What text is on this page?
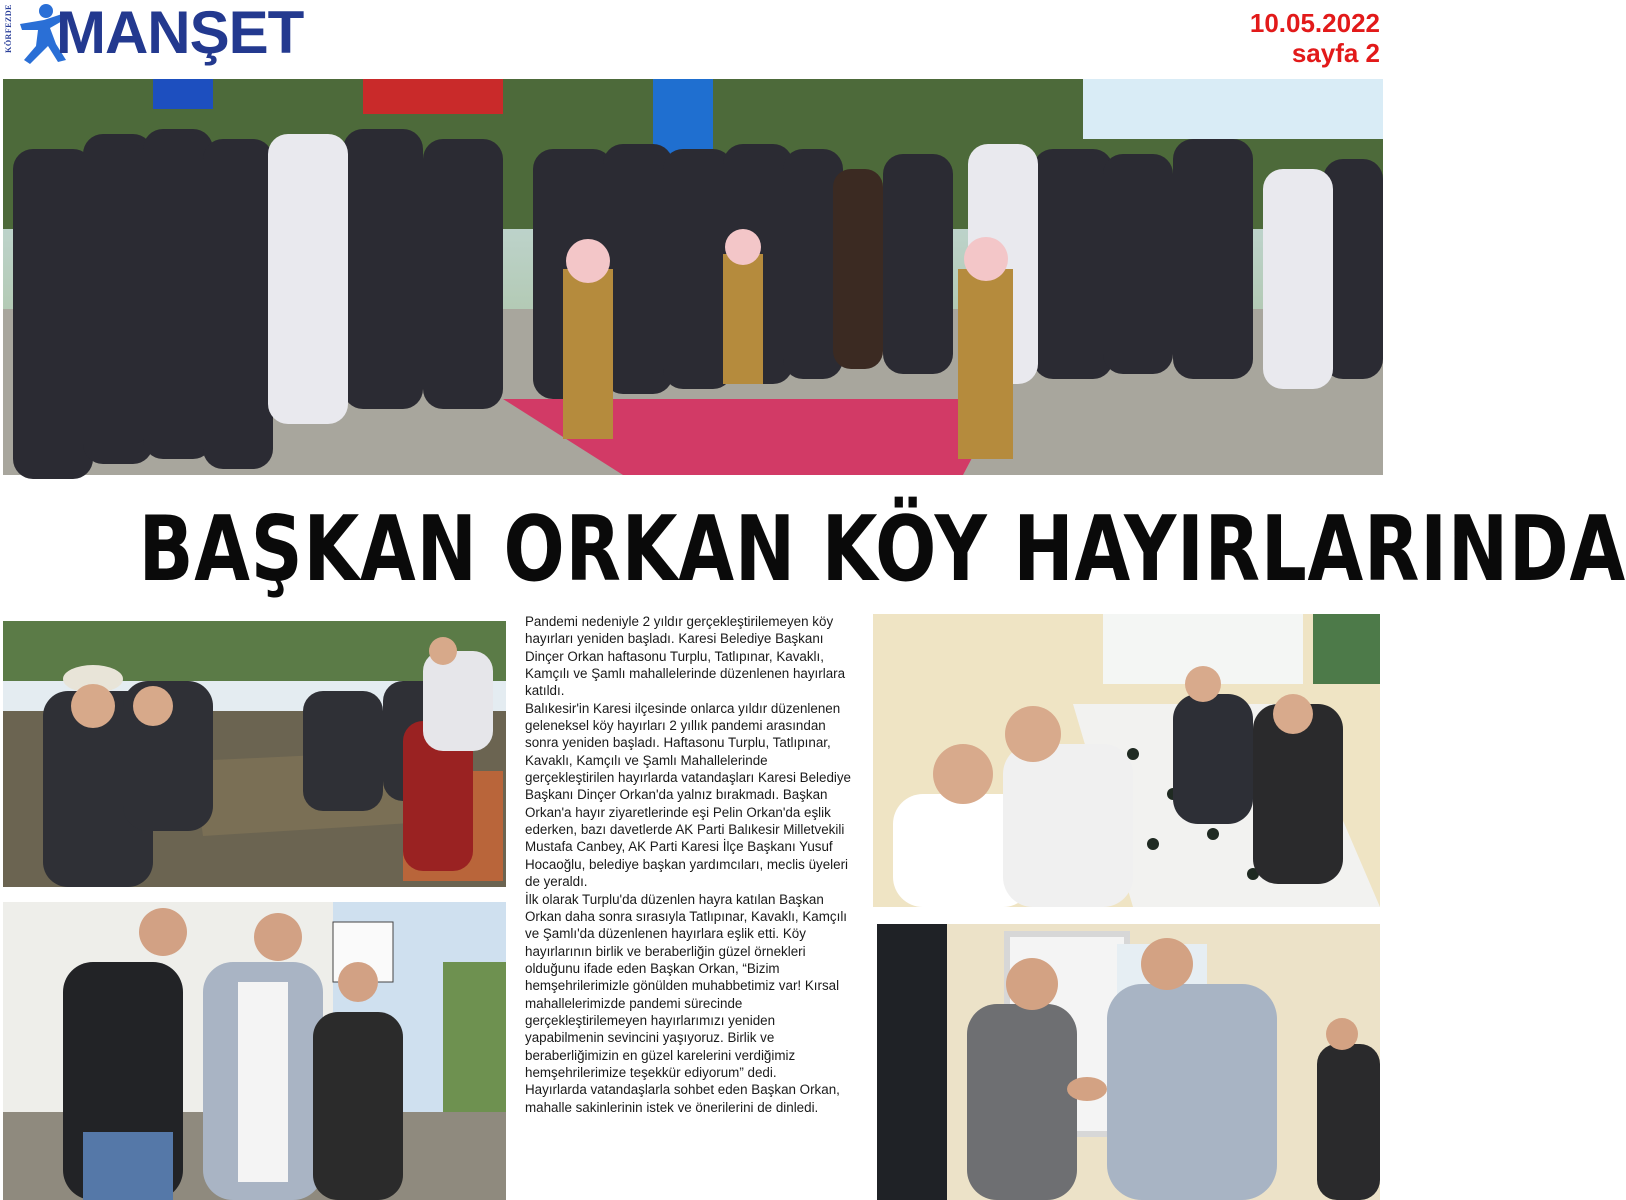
KÖRFEZDE MANŞET	10.05.2022
sayfa 2
BAŞKAN ORKAN KÖY HAYIRLARINDA

Pandemi nedeniyle 2 yıldır gerçekleştirilemeyen köy hayırları yeniden başladı. Karesi Belediye Başkanı Dinçer Orkan haftasonu Turplu, Tatlıpınar, Kavaklı, Kamçılı ve Şamlı mahallelerinde düzenlenen hayırlara katıldı.

Balıkesir'in Karesi ilçesinde onlarca yıldır düzenlenen geleneksel köy hayırları 2 yıllık pandemi arasından sonra yeniden başladı. Haftasonu Turplu, Tatlıpınar, Kavaklı, Kamçılı ve Şamlı Mahallelerinde gerçekleştirilen hayırlarda vatandaşları Karesi Belediye Başkanı Dinçer Orkan'da yalnız bırakmadı. Başkan Orkan'a hayır ziyaretlerinde eşi Pelin Orkan'da eşlik ederken, bazı davetlerde AK Parti Balıkesir Milletvekili Mustafa Canbey, AK Parti Karesi İlçe Başkanı Yusuf Hocaoğlu, belediye başkan yardımcıları, meclis üyeleri de yeraldı.

İlk olarak Turplu'da düzenlen hayra katılan Başkan Orkan daha sonra sırasıyla Tatlıpınar, Kavaklı, Kamçılı ve Şamlı'da düzenlenen hayırlara eşlik etti. Köy hayırlarının birlik ve beraberliğin güzel örnekleri olduğunu ifade eden Başkan Orkan, “Bizim hemşehrilerimizle gönülden muhabbetimiz var! Kırsal mahallelerimizde pandemi sürecinde gerçekleştirilemeyen hayırlarımızı yeniden yapabilmenin sevincini yaşıyoruz. Birlik ve beraberliğimizin en güzel karelerini verdiğimiz hemşehrilerimize teşekkür ediyorum” dedi.

Hayırlarda vatandaşlarla sohbet eden Başkan Orkan, mahalle sakinlerinin istek ve önerilerini de dinledi.
